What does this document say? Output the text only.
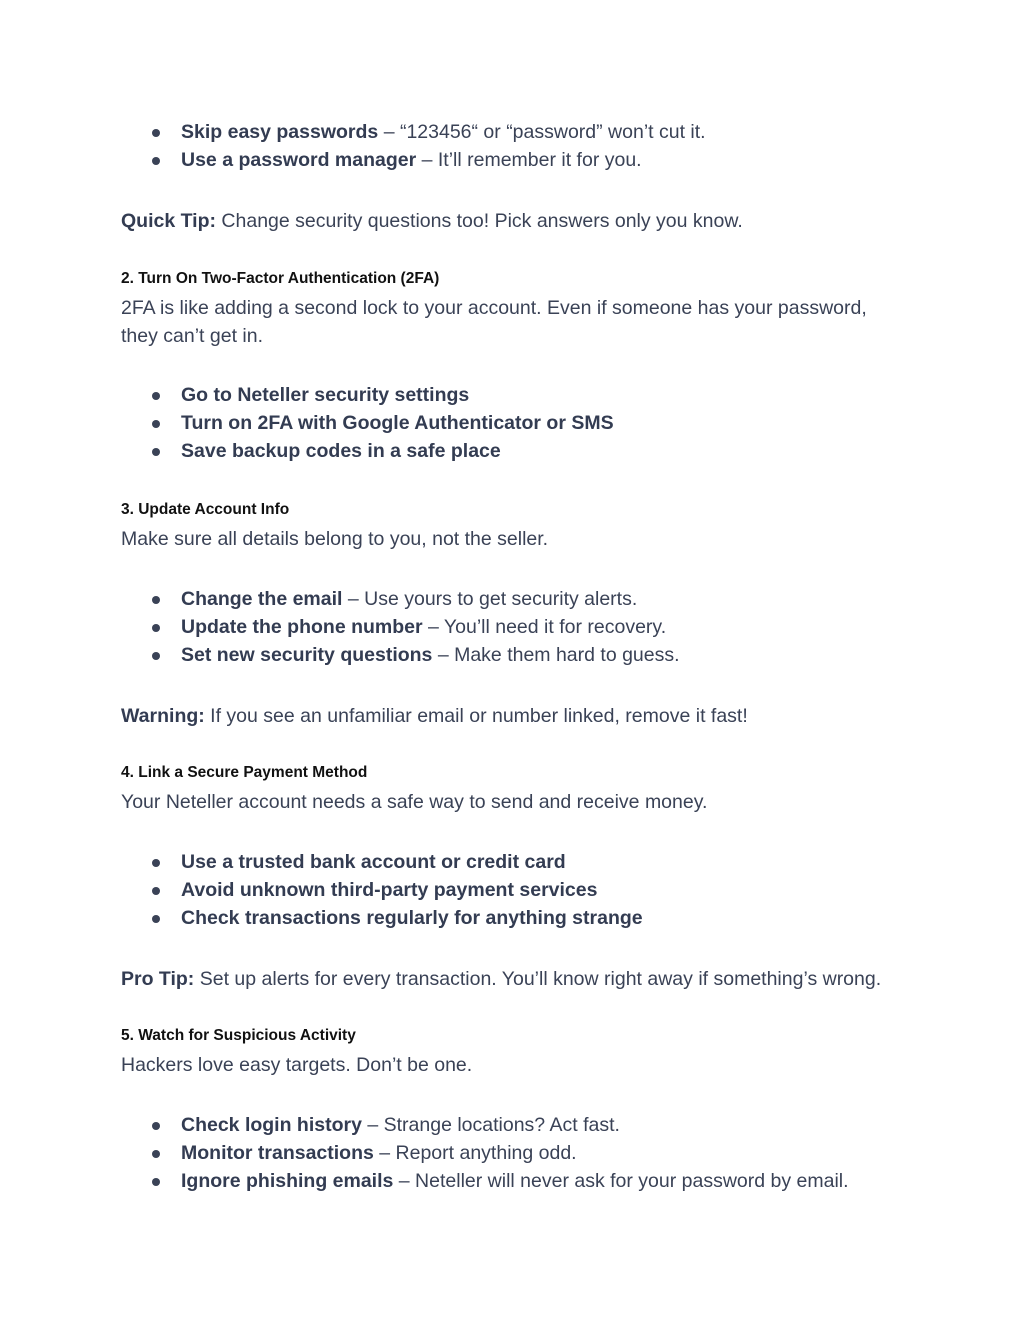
Skip easy passwords – “123456“ or “password” won’t cut it.
Use a password manager – It’ll remember it for you.

Quick Tip: Change security questions too! Pick answers only you know.

2. Turn On Two-Factor Authentication (2FA)

2FA is like adding a second lock to your account. Even if someone has your password, they can’t get in.

Go to Neteller security settings
Turn on 2FA with Google Authenticator or SMS
Save backup codes in a safe place
3. Update Account Info

Make sure all details belong to you, not the seller.

Change the email – Use yours to get security alerts.
Update the phone number – You’ll need it for recovery.
Set new security questions – Make them hard to guess.

Warning: If you see an unfamiliar email or number linked, remove it fast!

4. Link a Secure Payment Method

Your Neteller account needs a safe way to send and receive money.

Use a trusted bank account or credit card
Avoid unknown third-party payment services
Check transactions regularly for anything strange

Pro Tip: Set up alerts for every transaction. You’ll know right away if something’s wrong.

5. Watch for Suspicious Activity

Hackers love easy targets. Don’t be one.

Check login history – Strange locations? Act fast.
Monitor transactions – Report anything odd.
Ignore phishing emails – Neteller will never ask for your password by email.
